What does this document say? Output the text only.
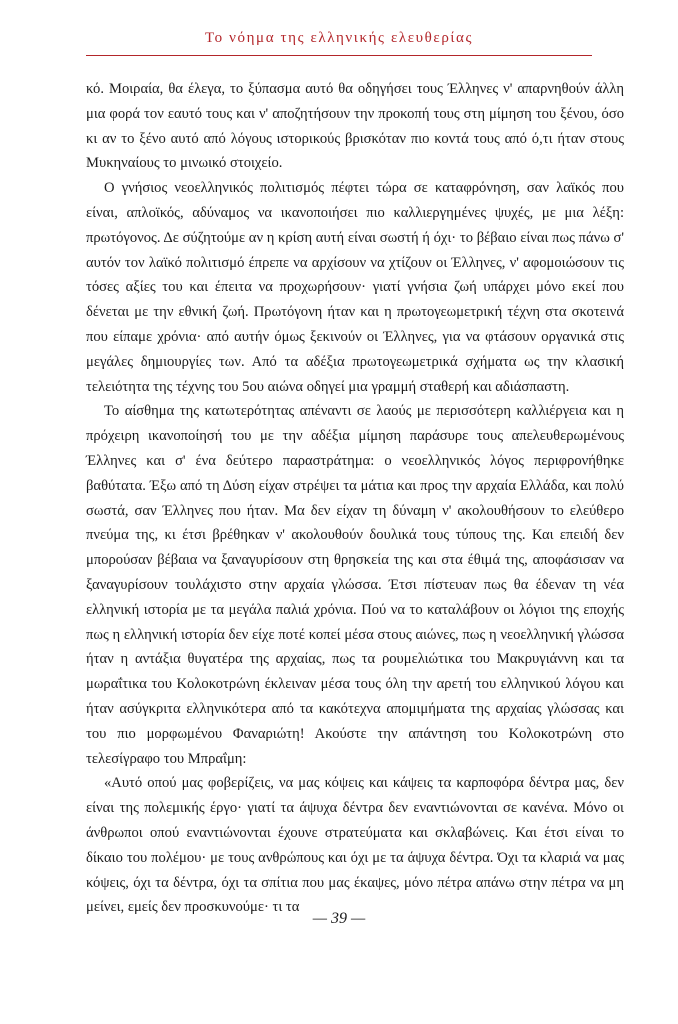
Το νόημα της ελληνικής ελευθερίας

κό. Μοιραία, θα έλεγα, το ξύπασμα αυτό θα οδηγήσει τους Έλληνες ν' απαρνηθούν άλλη μια φορά τον εαυτό τους και ν' αποζητήσουν την προκοπή τους στη μίμηση του ξένου, όσο κι αν το ξένο αυτό από λόγους ιστορικούς βρισκόταν πιο κοντά τους από ό,τι ήταν στους Μυκηναίους το μινωικό στοιχείο.

Ο γνήσιος νεοελληνικός πολιτισμός πέφτει τώρα σε καταφρόνηση, σαν λαϊκός που είναι, απλοϊκός, αδύναμος να ικανοποιήσει πιο καλλιεργημένες ψυχές, με μια λέξη: πρωτόγονος. Δε σύζητούμε αν η κρίση αυτή είναι σωστή ή όχι· το βέβαιο είναι πως πάνω σ' αυτόν τον λαϊκό πολιτισμό έπρεπε να αρχίσουν να χτίζουν οι Έλληνες, ν' αφομοιώσουν τις τόσες αξίες του και έπειτα να προχωρήσουν· γιατί γνήσια ζωή υπάρχει μόνο εκεί που δένεται με την εθνική ζωή. Πρωτόγονη ήταν και η πρωτογεωμετρική τέχνη στα σκοτεινά που είπαμε χρόνια· από αυτήν όμως ξεκινούν οι Έλληνες, για να φτάσουν οργανικά στις μεγάλες δημιουργίες των. Από τα αδέξια πρωτογεωμετρικά σχήματα ως την κλασική τελειότητα της τέχνης του 5ου αιώνα οδηγεί μια γραμμή σταθερή και αδιάσπαστη.

Το αίσθημα της κατωτερότητας απέναντι σε λαούς με περισσότερη καλλιέργεια και η πρόχειρη ικανοποίησή του με την αδέξια μίμηση παράσυρε τους απελευθερωμένους Έλληνες και σ' ένα δεύτερο παραστράτημα: ο νεοελληνικός λόγος περιφρονήθηκε βαθύτατα. Έξω από τη Δύση είχαν στρέψει τα μάτια και προς την αρχαία Ελλάδα, και πολύ σωστά, σαν Έλληνες που ήταν. Μα δεν είχαν τη δύναμη ν' ακολουθήσουν το ελεύθερο πνεύμα της, κι έτσι βρέθηκαν ν' ακολουθούν δουλικά τους τύπους της. Και επειδή δεν μπορούσαν βέβαια να ξαναγυρίσουν στη θρησκεία της και στα έθιμά της, αποφάσισαν να ξαναγυρίσουν τουλάχιστο στην αρχαία γλώσσα. Έτσι πίστευαν πως θα έδεναν τη νέα ελληνική ιστορία με τα μεγάλα παλιά χρόνια. Πού να το καταλάβουν οι λόγιοι της εποχής πως η ελληνική ιστορία δεν είχε ποτέ κοπεί μέσα στους αιώνες, πως η νεοελληνική γλώσσα ήταν η αντάξια θυγατέρα της αρχαίας, πως τα ρουμελιώτικα του Μακρυγιάννη και τα μωραΐτικα του Κολοκοτρώνη έκλειναν μέσα τους όλη την αρετή του ελληνικού λόγου και ήταν ασύγκριτα ελληνικότερα από τα κακότεχνα απομιμήματα της αρχαίας γλώσσας και του πιο μορφωμένου Φαναριώτη! Ακούστε την απάντηση του Κολοκοτρώνη στο τελεσίγραφο του Μπραΐμη:

«Αυτό οπού μας φοβερίζεις, να μας κόψεις και κάψεις τα καρποφόρα δέντρα μας, δεν είναι της πολεμικής έργο· γιατί τα άψυχα δέντρα δεν εναντιώνονται σε κανένα. Μόνο οι άνθρωποι οπού εναντιώνονται έχουνε στρατεύματα και σκλαβώνεις. Και έτσι είναι το δίκαιο του πολέμου· με τους ανθρώπους και όχι με τα άψυχα δέντρα. Όχι τα κλαριά να μας κόψεις, όχι τα δέντρα, όχι τα σπίτια που μας έκαψες, μόνο πέτρα απάνω στην πέτρα να μη μείνει, εμείς δεν προσκυνούμε· τι τα

— 39 —
